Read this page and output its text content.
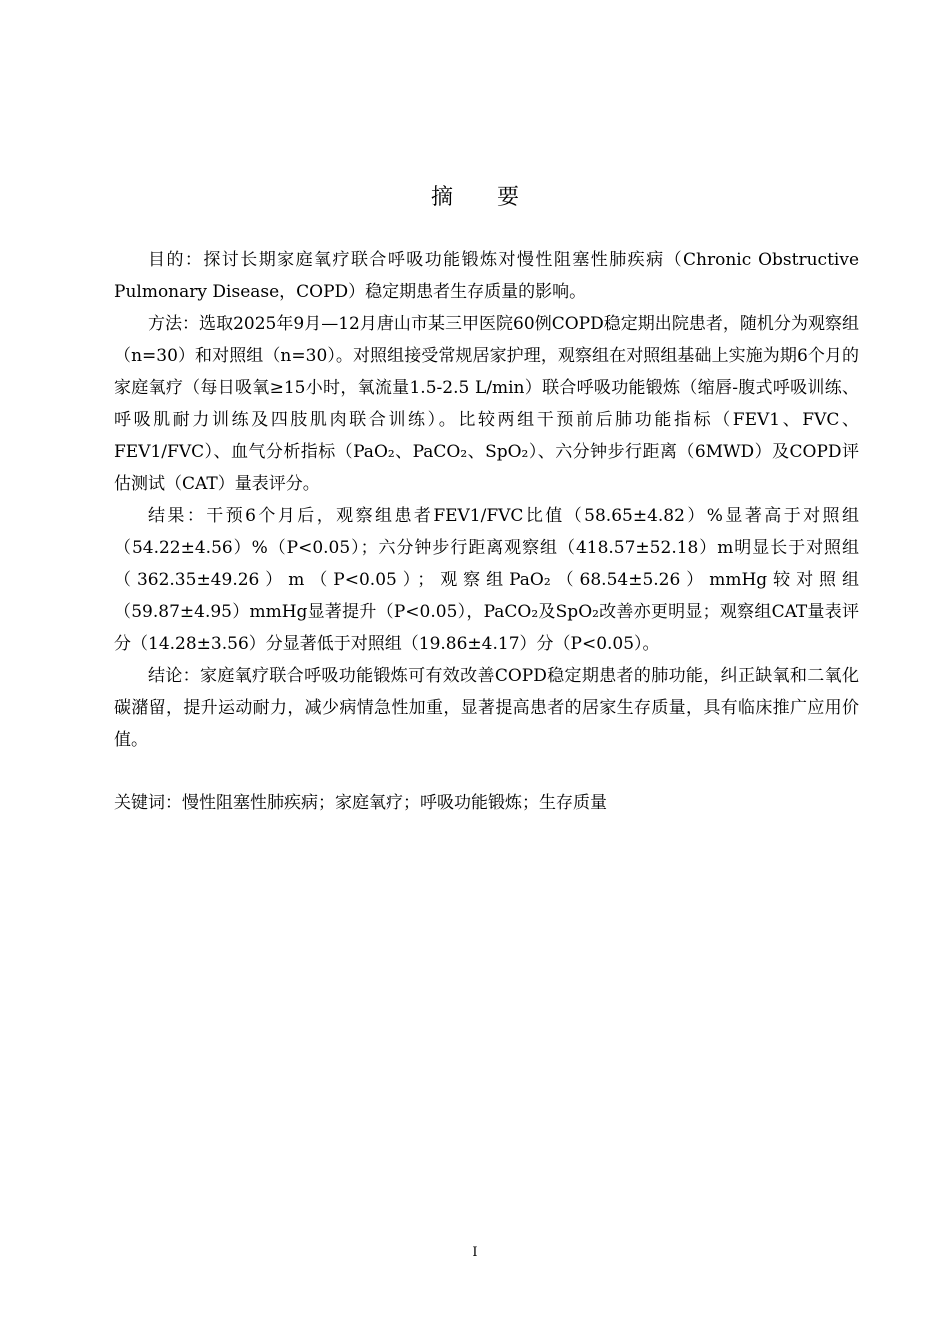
摘 要

目的：探讨长期家庭氧疗联合呼吸功能锻炼对慢性阻塞性肺疾病（Chronic Obstructive Pulmonary Disease，COPD）稳定期患者生存质量的影响。

方法：选取2025年9月—12月唐山市某三甲医院60例COPD稳定期出院患者，随机分为观察组（n=30）和对照组（n=30）。对照组接受常规居家护理，观察组在对照组基础上实施为期6个月的家庭氧疗（每日吸氧≥15小时，氧流量1.5-2.5 L/min）联合呼吸功能锻炼（缩唇-腹式呼吸训练、呼吸肌耐力训练及四肢肌肉联合训练）。比较两组干预前后肺功能指标（FEV1、FVC、FEV1/FVC）、血气分析指标（PaO₂、PaCO₂、SpO₂）、六分钟步行距离（6MWD）及COPD评估测试（CAT）量表评分。

结果：干预6个月后，观察组患者FEV1/FVC比值（58.65±4.82）%显著高于对照组（54.22±4.56）%（P<0.05）；六分钟步行距离观察组（418.57±52.18）m明显长于对照组（362.35±49.26）m（P<0.05）；观察组PaO₂（68.54±5.26）mmHg较对照组（59.87±4.95）mmHg显著提升（P<0.05），PaCO₂及SpO₂改善亦更明显；观察组CAT量表评分（14.28±3.56）分显著低于对照组（19.86±4.17）分（P<0.05）。

结论：家庭氧疗联合呼吸功能锻炼可有效改善COPD稳定期患者的肺功能，纠正缺氧和二氧化碳潴留，提升运动耐力，减少病情急性加重，显著提高患者的居家生存质量，具有临床推广应用价值。

关键词：慢性阻塞性肺疾病；家庭氧疗；呼吸功能锻炼；生存质量
I
